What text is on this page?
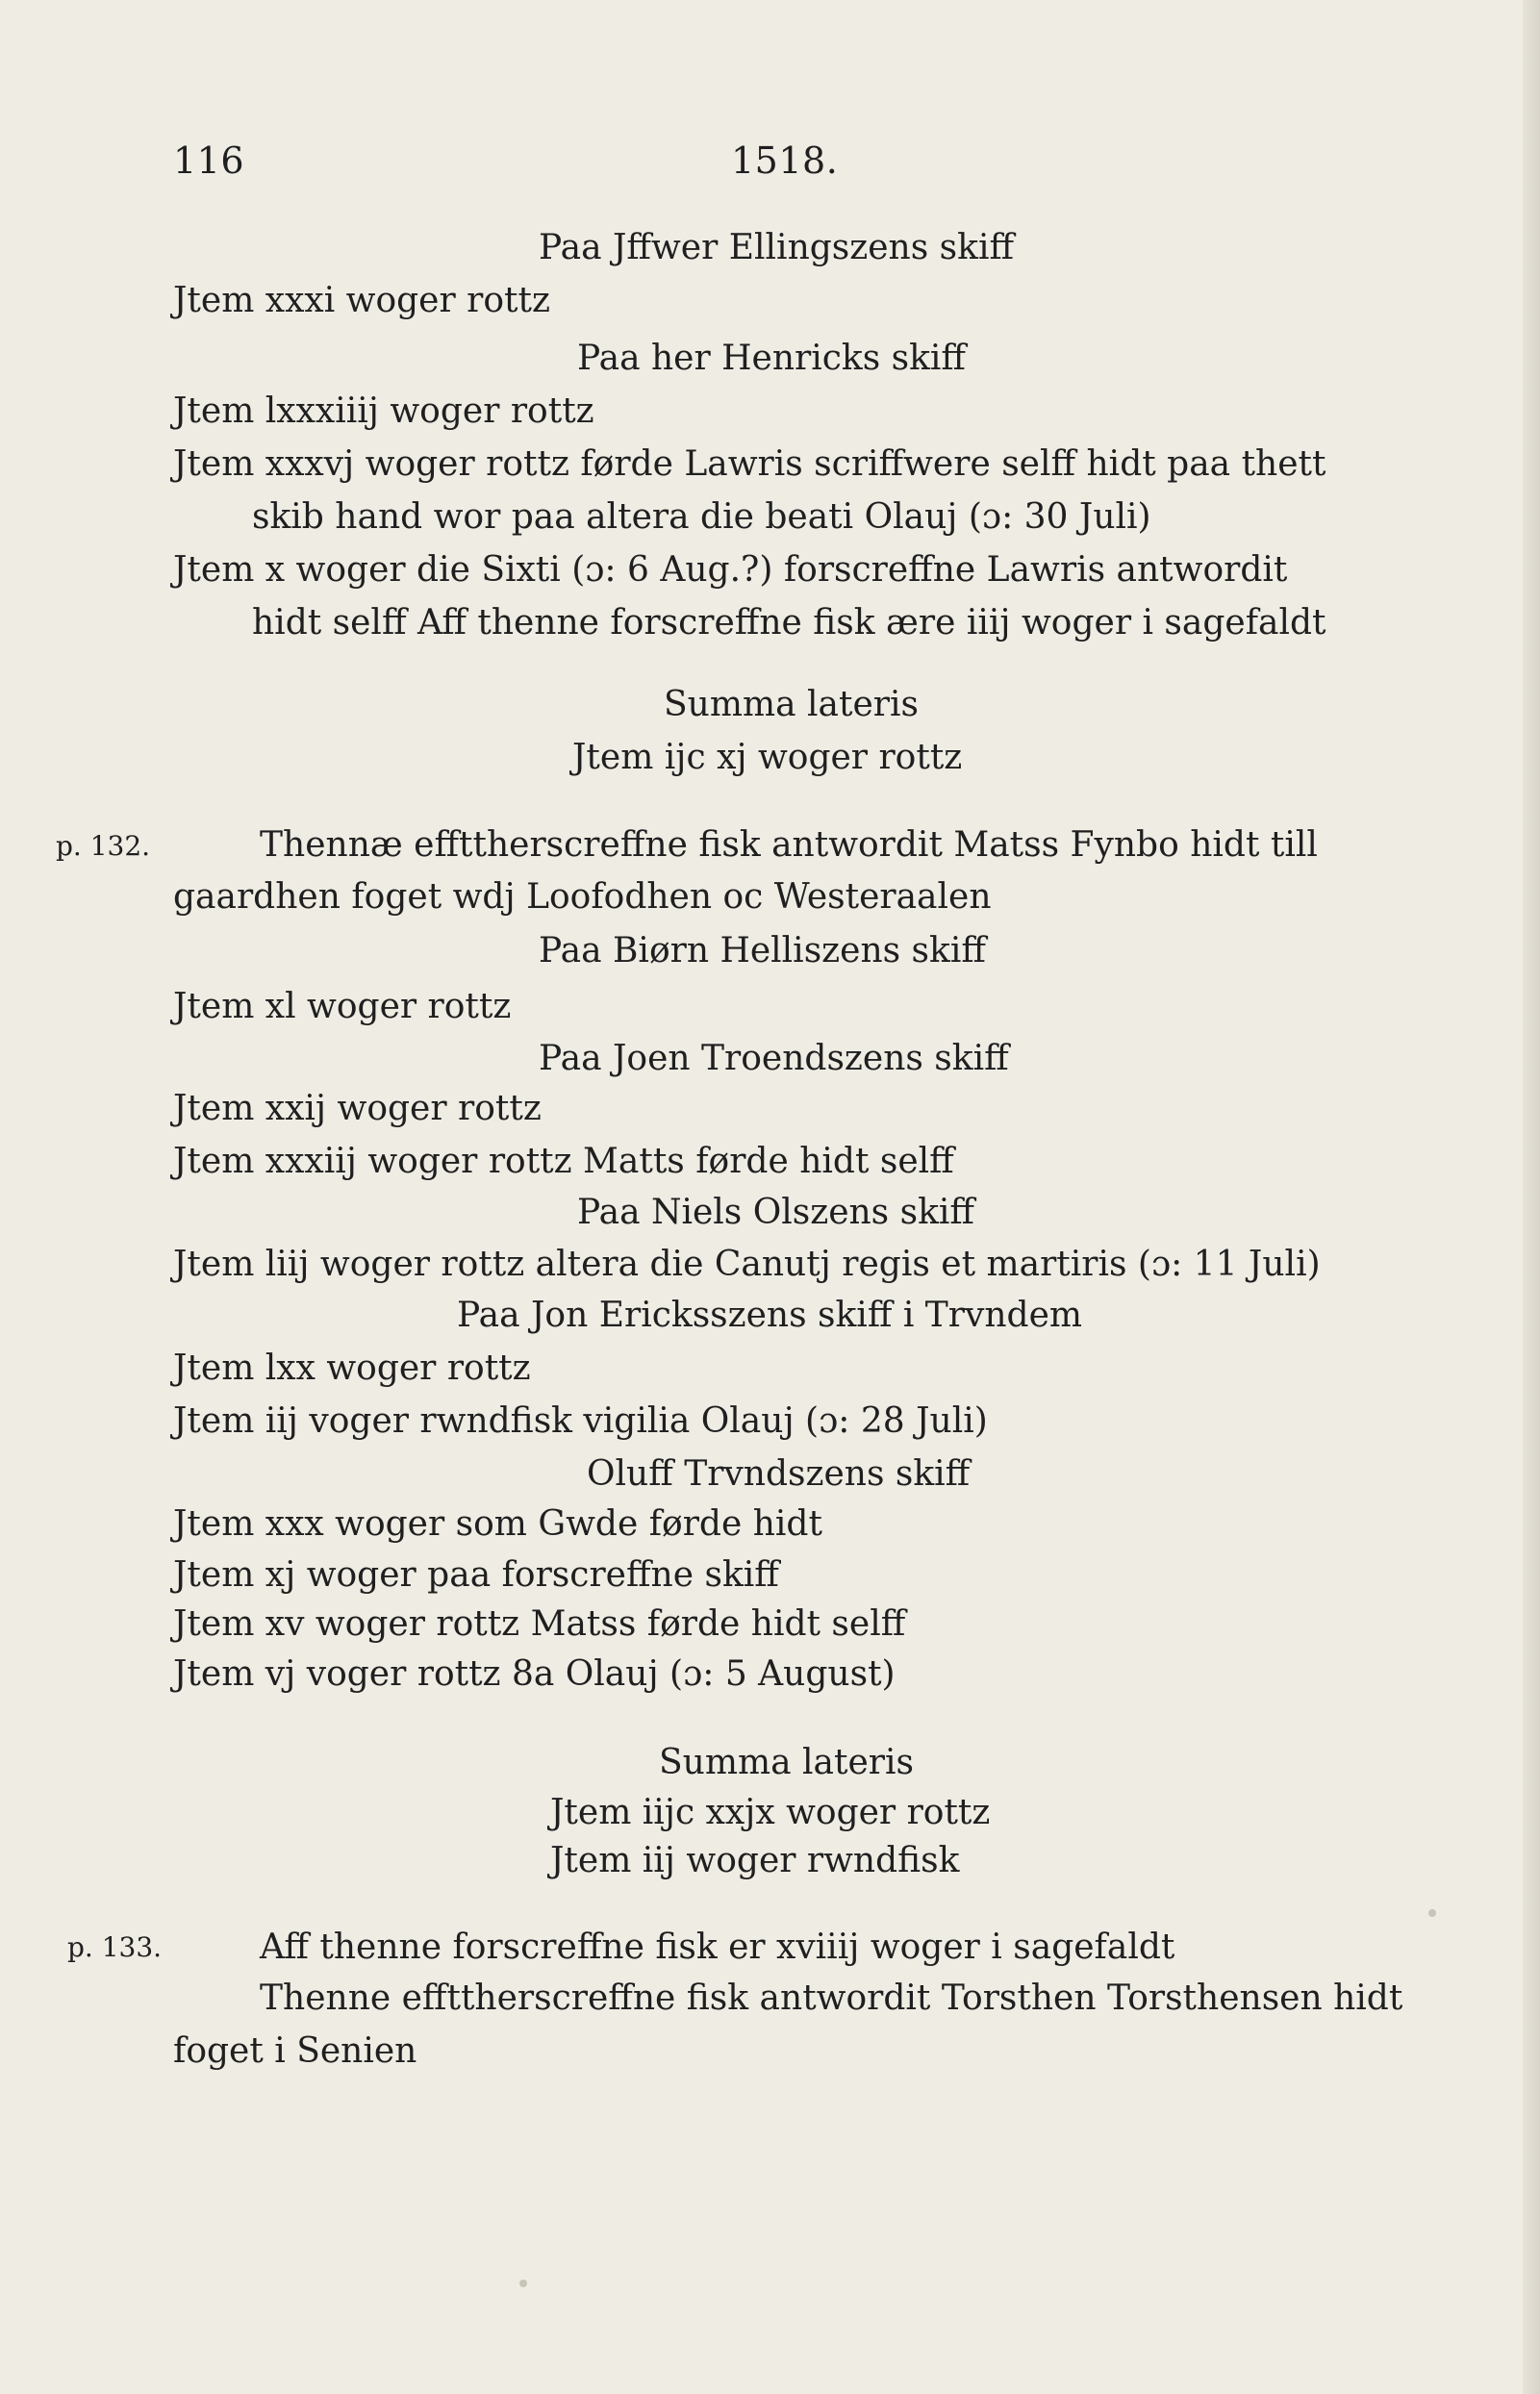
116	1518.
Paa Jffwer Ellingszens skiff
Jtem xxxi woger rottz
Paa her Henricks skiff
Jtem lxxxiiij woger rottz
Jtem xxxvj woger rottz førde Lawris scriffwere selff hidt paa thett
skib hand wor paa altera die beati Olauj (ɔ: 30 Juli)
Jtem x woger die Sixti (ɔ: 6 Aug.?) forscreffne Lawris antwordit
hidt selff Aff thenne forscreffne fisk ære iiij woger i sagefaldt
Summa lateris
Jtem ijc xj woger rottz
p. 132.	Thennæ effttherscreffne fisk antwordit Matss Fynbo hidt till
gaardhen foget wdj Loofodhen oc Westeraalen
Paa Biørn Helliszens skiff
Jtem xl woger rottz
Paa Joen Troendszens skiff
Jtem xxij woger rottz
Jtem xxxiij woger rottz Matts førde hidt selff
Paa Niels Olszens skiff
Jtem liij woger rottz altera die Canutj regis et martiris (ɔ: 11 Juli)
Paa Jon Ericksszens skiff i Trvndem
Jtem lxx woger rottz
Jtem iij voger rwndfisk vigilia Olauj (ɔ: 28 Juli)
Oluff Trvndszens skiff
Jtem xxx woger som Gwde førde hidt
Jtem xj woger paa forscreffne skiff
Jtem xv woger rottz Matss førde hidt selff
Jtem vj voger rottz 8a Olauj (ɔ: 5 August)
Summa lateris
Jtem iijc xxjx woger rottz
Jtem iij woger rwndfisk
p. 133.	Aff thenne forscreffne fisk er xviiij woger i sagefaldt
Thenne effttherscreffne fisk antwordit Torsthen Torsthensen hidt
foget i Senien
